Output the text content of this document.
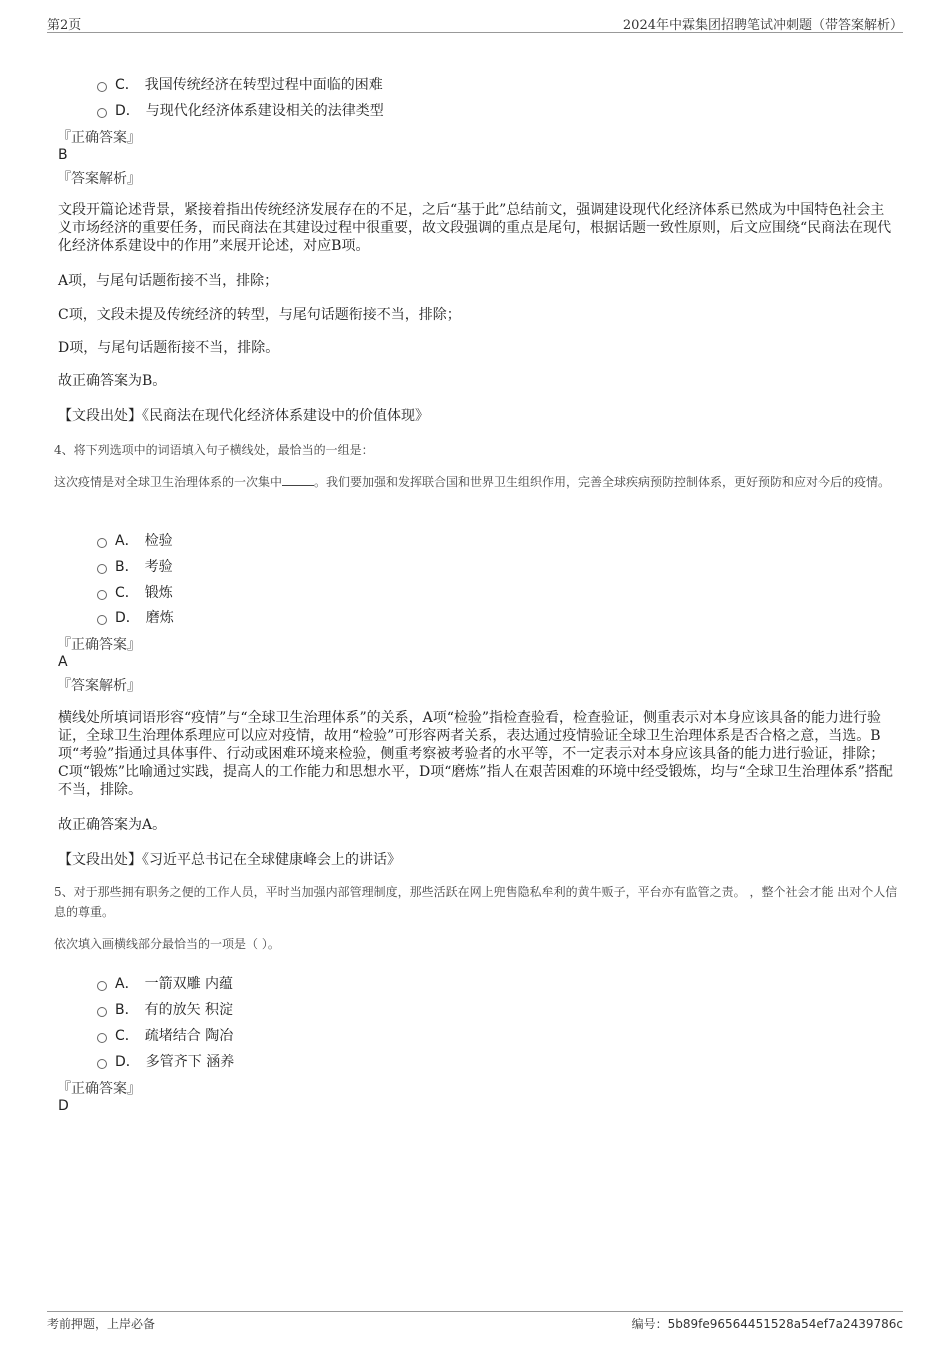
第2页	2024年中霖集团招聘笔试冲刺题（带答案解析）
C． 我国传统经济在转型过程中面临的困难
D． 与现代化经济体系建设相关的法律类型
『正确答案』
B
『答案解析』
文段开篇论述背景，紧接着指出传统经济发展存在的不足，之后“基于此”总结前文，强调建设现代化经济体系已然成为中国特色社会主义市场经济的重要任务，而民商法在其建设过程中很重要，故文段强调的重点是尾句，根据话题一致性原则，后文应围绕“民商法在现代化经济体系建设中的作用”来展开论述，对应B项。
A项，与尾句话题衔接不当，排除；
C项，文段未提及传统经济的转型，与尾句话题衔接不当，排除；
D项，与尾句话题衔接不当，排除。
故正确答案为B。
【文段出处】《民商法在现代化经济体系建设中的价值体现》
4、将下列选项中的词语填入句子横线处，最恰当的一组是：
这次疫情是对全球卫生治理体系的一次集中	。我们要加强和发挥联合国和世界卫生组织作用，完善全球疾病预防控制体系，更好预防和应对今后的疫情。
A． 检验
B． 考验
C． 锻炼
D． 磨炼
『正确答案』
A
『答案解析』
横线处所填词语形容“疫情”与“全球卫生治理体系”的关系，A项“检验”指检查验看，检查验证，侧重表示对本身应该具备的能力进行验证，全球卫生治理体系理应可以应对疫情，故用“检验”可形容两者关系，表达通过疫情验证全球卫生治理体系是否合格之意，当选。B项“考验”指通过具体事件、行动或困难环境来检验，侧重考察被考验者的水平等，不一定表示对本身应该具备的能力进行验证，排除；C项“锻炼”比喻通过实践，提高人的工作能力和思想水平，D项“磨炼”指人在艰苦困难的环境中经受锻炼，均与“全球卫生治理体系”搭配不当，排除。
故正确答案为A。
【文段出处】《习近平总书记在全球健康峰会上的讲话》
5、对于那些拥有职务之便的工作人员，平时当加强内部管理制度，那些活跃在网上兜售隐私牟利的黄牛贩子，平台亦有监管之责。 ，整个社会才能 出对个人信息的尊重。
依次填入画横线部分最恰当的一项是（ ）。
A． 一箭双雕 内蕴
B． 有的放矢 积淀
C． 疏堵结合 陶冶
D． 多管齐下 涵养
『正确答案』
D
考前押题，上岸必备	编号：5b89fe96564451528a54ef7a2439786c
